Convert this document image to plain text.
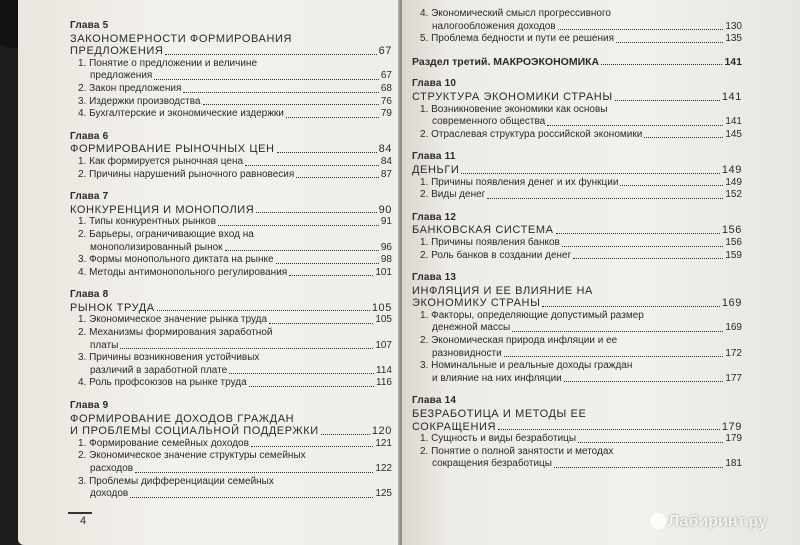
Глава 5
ЗАКОНОМЕРНОСТИ ФОРМИРОВАНИЯ
ПРЕДЛОЖЕНИЯ	67
1. Понятие о предложении и величине
предложения	67
2. Закон предложения	68
3. Издержки производства	76
4. Бухгалтерские и экономические издержки	79
Глава 6
ФОРМИРОВАНИЕ РЫНОЧНЫХ ЦЕН	84
1. Как формируется рыночная цена	84
2. Причины нарушений рыночного равновесия	87
Глава 7
КОНКУРЕНЦИЯ И МОНОПОЛИЯ	90
1. Типы конкурентных рынков	91
2. Барьеры, ограничивающие вход на
монополизированный рынок	96
3. Формы монопольного диктата на рынке	98
4. Методы антимонопольного регулирования	101
Глава 8
РЫНОК ТРУДА	105
1. Экономическое значение рынка труда	105
2. Механизмы формирования заработной
платы	107
3. Причины возникновения устойчивых
различий в заработной плате	114
4. Роль профсоюзов на рынке труда	116
Глава 9
ФОРМИРОВАНИЕ ДОХОДОВ ГРАЖДАН
И ПРОБЛЕМЫ СОЦИАЛЬНОЙ ПОДДЕРЖКИ	120
1. Формирование семейных доходов	121
2. Экономическое значение структуры семейных
расходов	122
3. Проблемы дифференциации семейных
доходов	125
4
4. Экономический смысл прогрессивного
налогообложения доходов	130
5. Проблема бедности и пути ее решения	135
Раздел третий. МАКРОЭКОНОМИКА	141
Глава 10
СТРУКТУРА ЭКОНОМИКИ СТРАНЫ	141
1. Возникновение экономики как основы
современного общества	141
2. Отраслевая структура российской экономики	145
Глава 11
ДЕНЬГИ	149
1. Причины появления денег и их функции	149
2. Виды денег	152
Глава 12
БАНКОВСКАЯ СИСТЕМА	156
1. Причины появления банков	156
2. Роль банков в создании денег	159
Глава 13
ИНФЛЯЦИЯ И ЕЕ ВЛИЯНИЕ НА
ЭКОНОМИКУ СТРАНЫ	169
1. Факторы, определяющие допустимый размер
денежной массы	169
2. Экономическая природа инфляции и ее
разновидности	172
3. Номинальные и реальные доходы граждан
и влияние на них инфляции	177
Глава 14
БЕЗРАБОТИЦА И МЕТОДЫ ЕЕ
СОКРАЩЕНИЯ	179
1. Сущность и виды безработицы	179
2. Понятие о полной занятости и методах
сокращения безработицы	181
Лабиринт.ру
